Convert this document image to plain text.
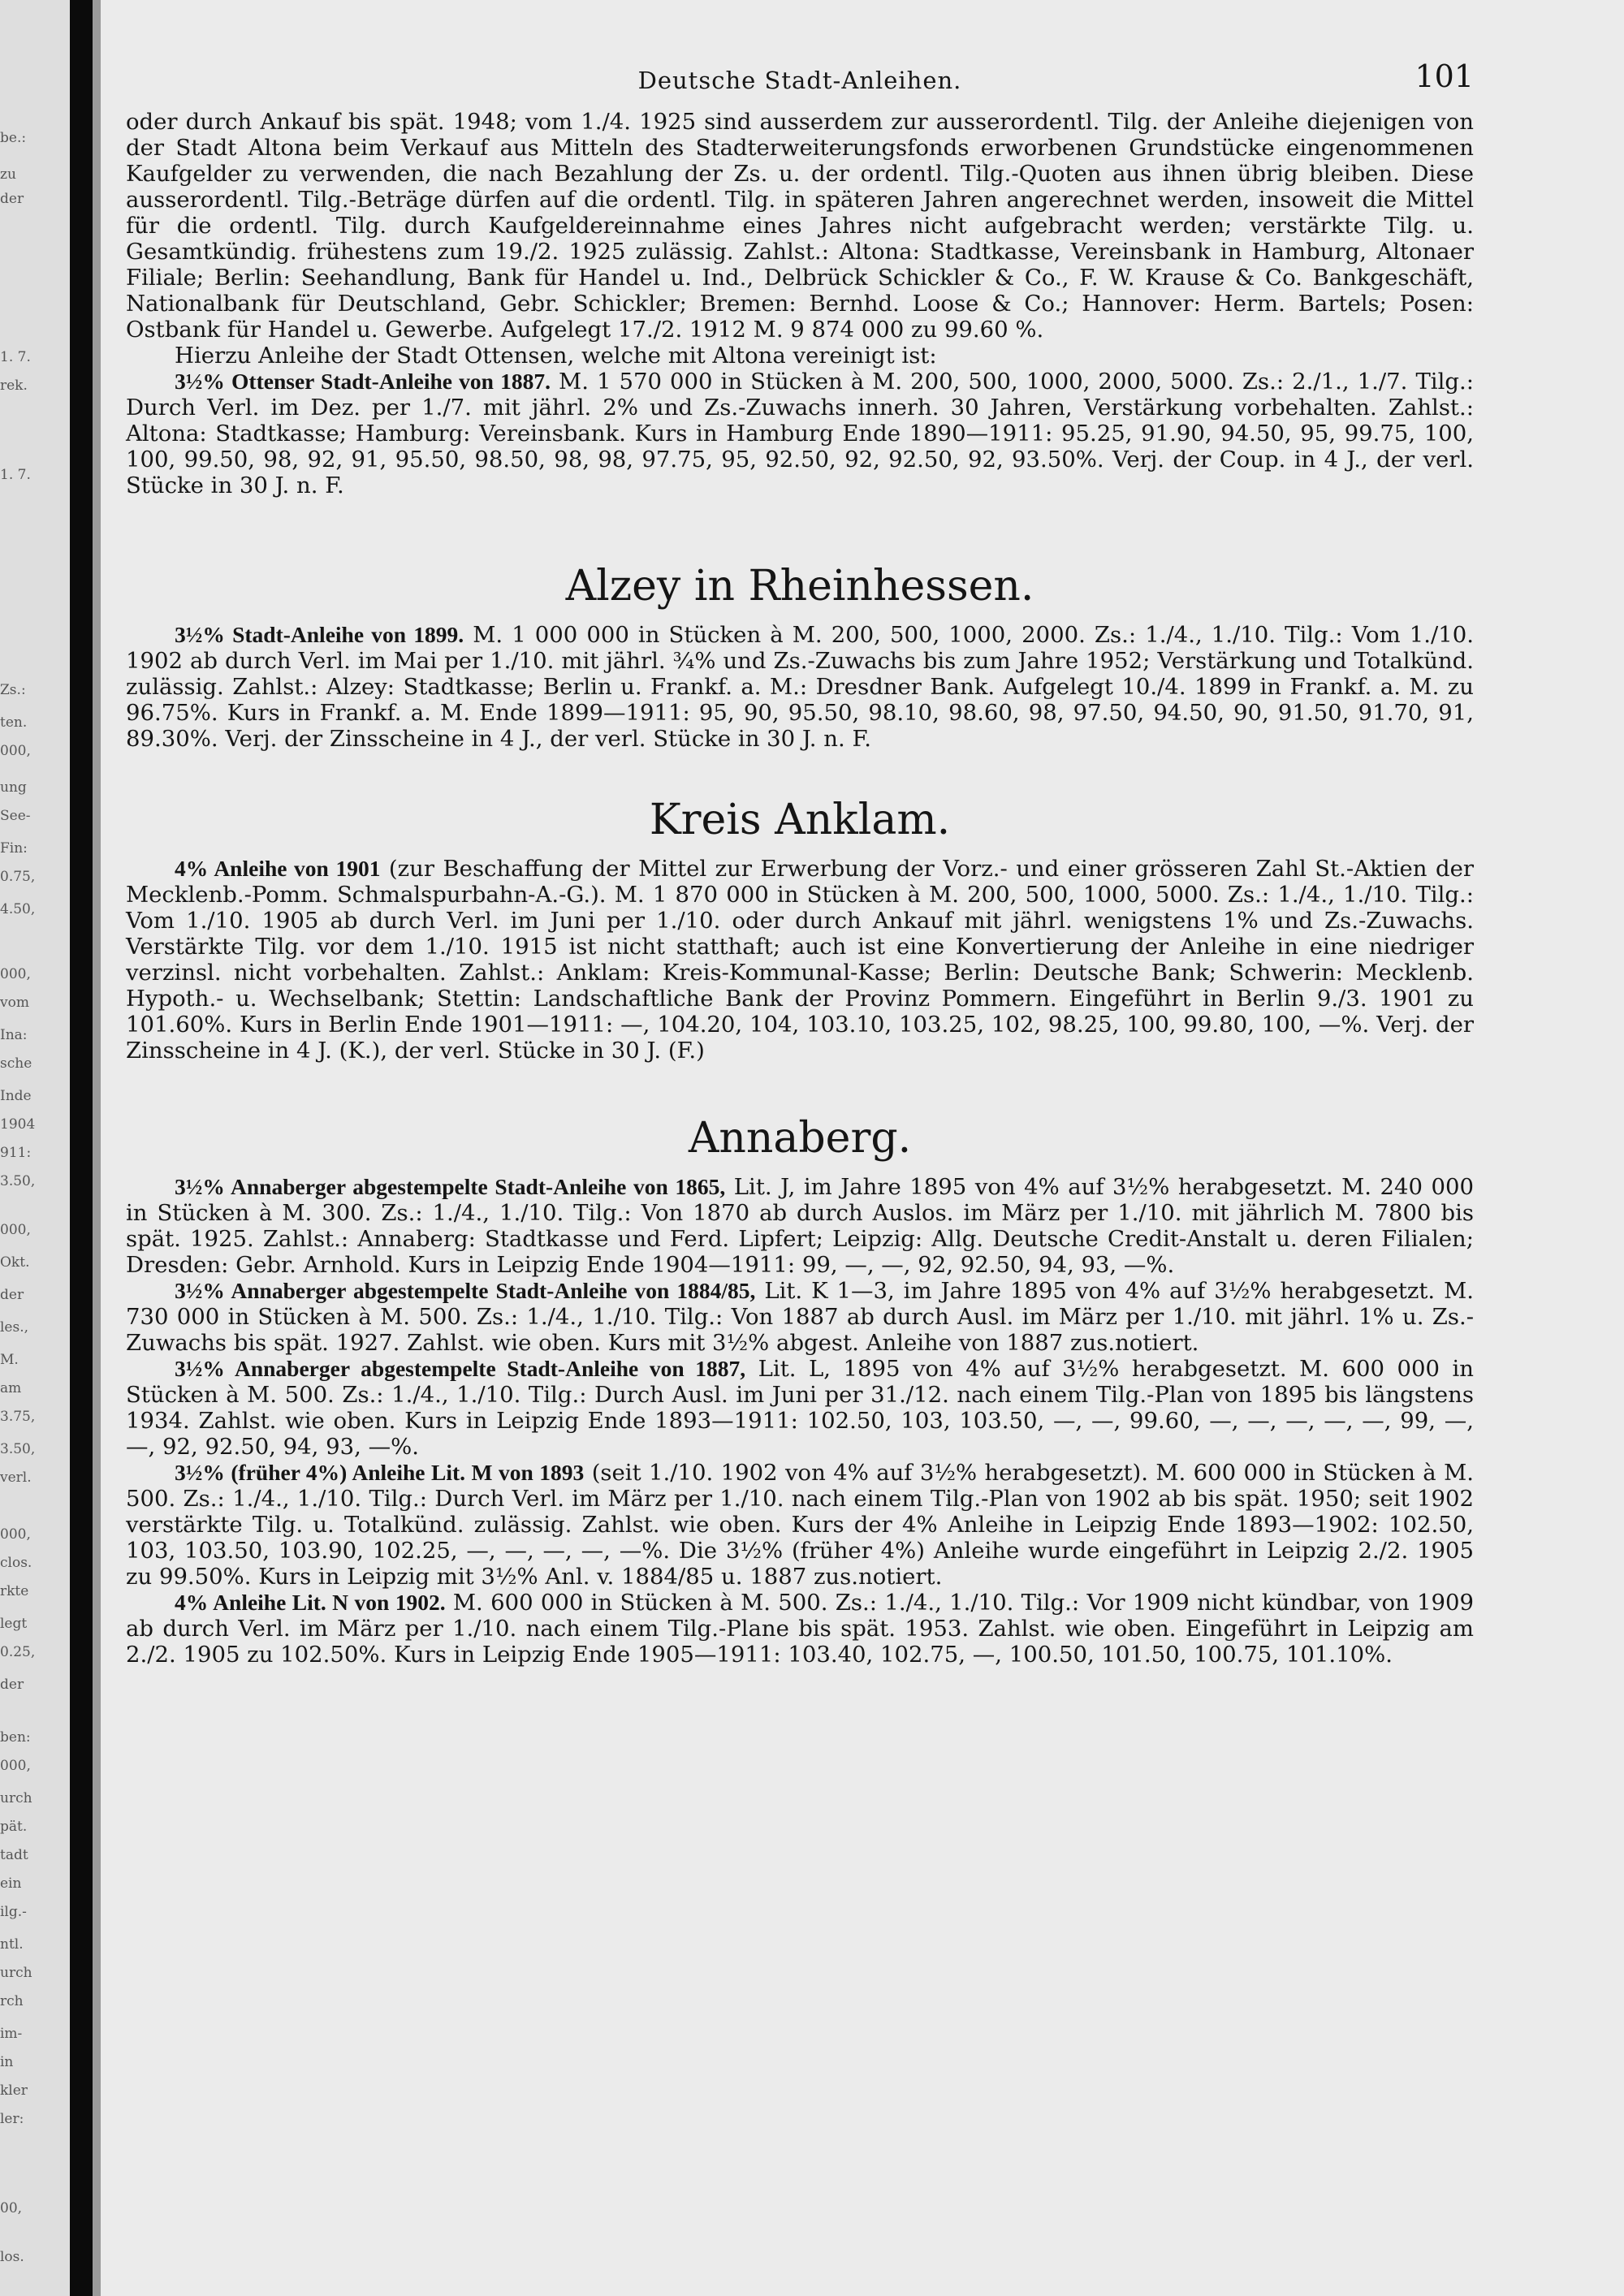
be.:
zu
der
1. 7.
rek.
1. 7.
Zs.:
ten.
000,
ung
See-
Fin:
0.75,
4.50,
000,
vom
Ina:
sche
Inde
1904
911:
3.50,
000,
Okt.
der
les.,
M.
am
3.75,
3.50,
verl.
000,
clos.
rkte
legt
0.25,
der
ben:
000,
urch
pät.
tadt
ein
ilg.-
ntl.
urch
rch
im-
in
kler
ler:
00,
los.
Deutsche Stadt-Anleihen.	101

oder durch Ankauf bis spät. 1948; vom 1./4. 1925 sind ausserdem zur ausserordentl. Tilg. der Anleihe diejenigen von der Stadt Altona beim Verkauf aus Mitteln des Stadterweiterungsfonds erworbenen Grundstücke eingenommenen Kaufgelder zu verwenden, die nach Bezahlung der Zs. u. der ordentl. Tilg.-Quoten aus ihnen übrig bleiben. Diese ausserordentl. Tilg.-Beträge dürfen auf die ordentl. Tilg. in späteren Jahren angerechnet werden, insoweit die Mittel für die ordentl. Tilg. durch Kaufgeldereinnahme eines Jahres nicht aufgebracht werden; verstärkte Tilg. u. Gesamtkündig. frühestens zum 19./2. 1925 zulässig. Zahlst.: Altona: Stadtkasse, Vereinsbank in Hamburg, Altonaer Filiale; Berlin: Seehandlung, Bank für Handel u. Ind., Delbrück Schickler & Co., F. W. Krause & Co. Bankgeschäft, Nationalbank für Deutschland, Gebr. Schickler; Bremen: Bernhd. Loose & Co.; Hannover: Herm. Bartels; Posen: Ostbank für Handel u. Gewerbe. Aufgelegt 17./2. 1912 M. 9 874 000 zu 99.60 %.

Hierzu Anleihe der Stadt Ottensen, welche mit Altona vereinigt ist:

3½% Ottenser Stadt-Anleihe von 1887. M. 1 570 000 in Stücken à M. 200, 500, 1000, 2000, 5000. Zs.: 2./1., 1./7. Tilg.: Durch Verl. im Dez. per 1./7. mit jährl. 2% und Zs.-Zuwachs innerh. 30 Jahren, Verstärkung vorbehalten. Zahlst.: Altona: Stadtkasse; Hamburg: Vereinsbank. Kurs in Hamburg Ende 1890—1911: 95.25, 91.90, 94.50, 95, 99.75, 100, 100, 99.50, 98, 92, 91, 95.50, 98.50, 98, 98, 97.75, 95, 92.50, 92, 92.50, 92, 93.50%. Verj. der Coup. in 4 J., der verl. Stücke in 30 J. n. F.

Alzey in Rheinhessen.

3½% Stadt-Anleihe von 1899. M. 1 000 000 in Stücken à M. 200, 500, 1000, 2000. Zs.: 1./4., 1./10. Tilg.: Vom 1./10. 1902 ab durch Verl. im Mai per 1./10. mit jährl. ¾% und Zs.-Zuwachs bis zum Jahre 1952; Verstärkung und Totalkünd. zulässig. Zahlst.: Alzey: Stadtkasse; Berlin u. Frankf. a. M.: Dresdner Bank. Aufgelegt 10./4. 1899 in Frankf. a. M. zu 96.75%. Kurs in Frankf. a. M. Ende 1899—1911: 95, 90, 95.50, 98.10, 98.60, 98, 97.50, 94.50, 90, 91.50, 91.70, 91, 89.30%. Verj. der Zinsscheine in 4 J., der verl. Stücke in 30 J. n. F.

Kreis Anklam.

4% Anleihe von 1901 (zur Beschaffung der Mittel zur Erwerbung der Vorz.- und einer grösseren Zahl St.-Aktien der Mecklenb.-Pomm. Schmalspurbahn-A.-G.). M. 1 870 000 in Stücken à M. 200, 500, 1000, 5000. Zs.: 1./4., 1./10. Tilg.: Vom 1./10. 1905 ab durch Verl. im Juni per 1./10. oder durch Ankauf mit jährl. wenigstens 1% und Zs.-Zuwachs. Verstärkte Tilg. vor dem 1./10. 1915 ist nicht statthaft; auch ist eine Konvertierung der Anleihe in eine niedriger verzinsl. nicht vorbehalten. Zahlst.: Anklam: Kreis-Kommunal-Kasse; Berlin: Deutsche Bank; Schwerin: Mecklenb. Hypoth.- u. Wechselbank; Stettin: Landschaftliche Bank der Provinz Pommern. Eingeführt in Berlin 9./3. 1901 zu 101.60%. Kurs in Berlin Ende 1901—1911: —, 104.20, 104, 103.10, 103.25, 102, 98.25, 100, 99.80, 100, —%. Verj. der Zinsscheine in 4 J. (K.), der verl. Stücke in 30 J. (F.)

Annaberg.

3½% Annaberger abgestempelte Stadt-Anleihe von 1865, Lit. J, im Jahre 1895 von 4% auf 3½% herabgesetzt. M. 240 000 in Stücken à M. 300. Zs.: 1./4., 1./10. Tilg.: Von 1870 ab durch Auslos. im März per 1./10. mit jährlich M. 7800 bis spät. 1925. Zahlst.: Annaberg: Stadtkasse und Ferd. Lipfert; Leipzig: Allg. Deutsche Credit-Anstalt u. deren Filialen; Dresden: Gebr. Arnhold. Kurs in Leipzig Ende 1904—1911: 99, —, —, 92, 92.50, 94, 93, —%.

3½% Annaberger abgestempelte Stadt-Anleihe von 1884/85, Lit. K 1—3, im Jahre 1895 von 4% auf 3½% herabgesetzt. M. 730 000 in Stücken à M. 500. Zs.: 1./4., 1./10. Tilg.: Von 1887 ab durch Ausl. im März per 1./10. mit jährl. 1% u. Zs.-Zuwachs bis spät. 1927. Zahlst. wie oben. Kurs mit 3½% abgest. Anleihe von 1887 zus.notiert.

3½% Annaberger abgestempelte Stadt-Anleihe von 1887, Lit. L, 1895 von 4% auf 3½% herabgesetzt. M. 600 000 in Stücken à M. 500. Zs.: 1./4., 1./10. Tilg.: Durch Ausl. im Juni per 31./12. nach einem Tilg.-Plan von 1895 bis längstens 1934. Zahlst. wie oben. Kurs in Leipzig Ende 1893—1911: 102.50, 103, 103.50, —, —, 99.60, —, —, —, —, —, 99, —, —, 92, 92.50, 94, 93, —%.

3½% (früher 4%) Anleihe Lit. M von 1893 (seit 1./10. 1902 von 4% auf 3½% herabgesetzt). M. 600 000 in Stücken à M. 500. Zs.: 1./4., 1./10. Tilg.: Durch Verl. im März per 1./10. nach einem Tilg.-Plan von 1902 ab bis spät. 1950; seit 1902 verstärkte Tilg. u. Totalkünd. zulässig. Zahlst. wie oben. Kurs der 4% Anleihe in Leipzig Ende 1893—1902: 102.50, 103, 103.50, 103.90, 102.25, —, —, —, —, —%. Die 3½% (früher 4%) Anleihe wurde eingeführt in Leipzig 2./2. 1905 zu 99.50%. Kurs in Leipzig mit 3½% Anl. v. 1884/85 u. 1887 zus.notiert.

4% Anleihe Lit. N von 1902. M. 600 000 in Stücken à M. 500. Zs.: 1./4., 1./10. Tilg.: Vor 1909 nicht kündbar, von 1909 ab durch Verl. im März per 1./10. nach einem Tilg.-Plane bis spät. 1953. Zahlst. wie oben. Eingeführt in Leipzig am 2./2. 1905 zu 102.50%. Kurs in Leipzig Ende 1905—1911: 103.40, 102.75, —, 100.50, 101.50, 100.75, 101.10%.
